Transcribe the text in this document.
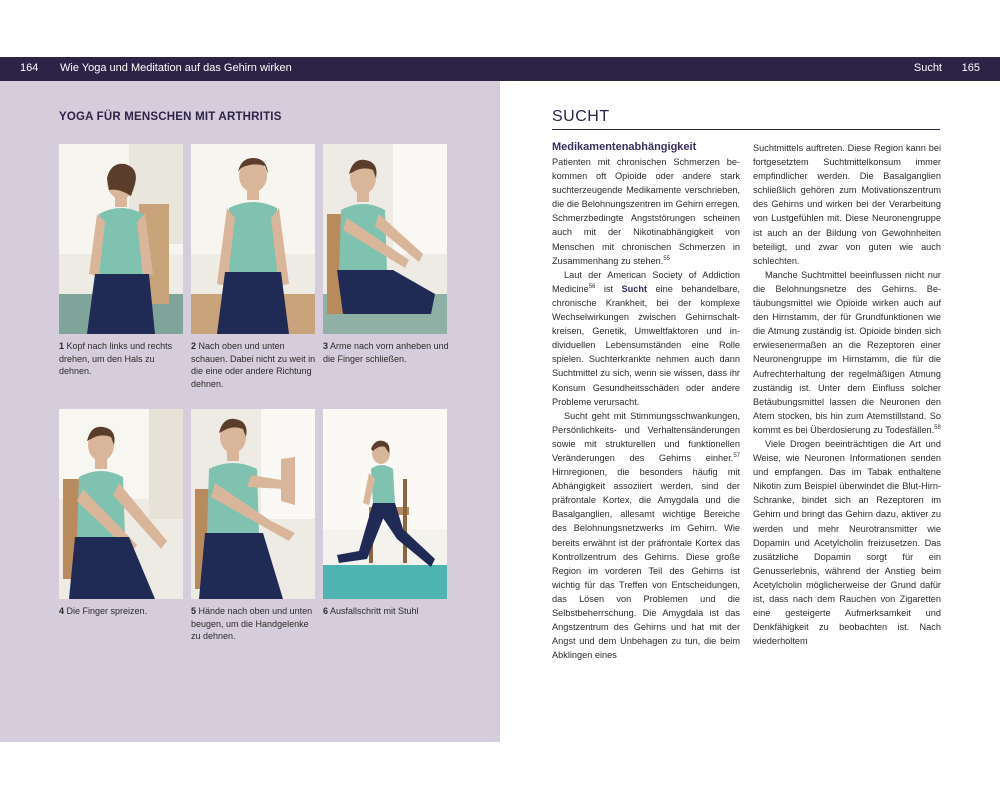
164 Wie Yoga und Meditation auf das Gehirn wirken	Sucht 165
YOGA FÜR MENSCHEN MIT ARTHRITIS
1 Kopf nach links und rechts drehen, um den Hals zu dehnen.
2 Nach oben und unten schauen. Dabei nicht zu weit in die eine oder andere Richtung dehnen.
3 Arme nach vorn anheben und die Finger schließen.
4 Die Finger spreizen.	5 Hände nach oben und unten beugen, um die Handgelenke zu dehnen.
6 Ausfallschritt mit Stuhl
SUCHT
Medikamentenabhängigkeit

Patienten mit chronischen Schmerzen bekommen oft Opioide oder andere stark suchterzeugende Medikamente verschrieben, die die Belohnungszentren im Gehirn erregen. Schmerzbedingte Angststörungen scheinen auch mit der Nikotinabhängigkeit von Menschen mit chronischen Schmerzen in Zusammenhang zu stehen.$^{55}$

Laut der American Society of Addiction Medicine$^{56}$ ist Sucht eine behandelbare, chronische Krankheit, bei der komplexe Wechselwirkungen zwischen Gehirnschaltkreisen, Genetik, Umweltfaktoren und individuellen Lebensumständen eine Rolle spielen. Suchterkrankte nehmen auch dann Suchtmittel zu sich, wenn sie wissen, dass ihr Konsum Gesundheitsschäden oder andere Probleme verursacht.

Sucht geht mit Stimmungsschwankungen, Persönlichkeits- und Verhaltensänderungen sowie mit strukturellen und funktionellen Veränderungen des Gehirns einher.$^{57}$ Hirnregionen, die besonders häufig mit Abhängigkeit assoziiert werden, sind der präfrontale Kortex, die Amygdala und die Basalganglien, allesamt wichtige Bereiche des Belohnungsnetzwerks im Gehirn. Wie bereits erwähnt ist der präfrontale Kortex das Kontrollzentrum des Gehirns. Diese große Region im vorderen Teil des Gehirns ist wichtig für das Treffen von Entscheidungen, das Lösen von Problemen und die Selbstbeherrschung. Die Amygdala ist das Angstzentrum des Gehirns und hat mit der Angst und dem Unbehagen zu tun, die beim Abklingen eines

Suchtmittels auftreten. Diese Region kann bei fortgesetztem Suchtmittelkonsum immer empfindlicher werden. Die Basalganglien schließlich gehören zum Motivationszentrum des Gehirns und wirken bei der Verarbeitung von Lustgefühlen mit. Diese Neuronengruppe ist auch an der Bildung von Gewohnheiten beteiligt, und zwar von guten wie auch schlechten.

Manche Suchtmittel beeinflussen nicht nur die Belohnungsnetze des Gehirns. Betäubungsmittel wie Opioide wirken auch auf den Hirnstamm, der für Grundfunktionen wie die Atmung zuständig ist. Opioide binden sich erwiesenermaßen an die Rezeptoren einer Neuronengruppe im Hirnstamm, die für die Aufrechterhaltung der regelmäßigen Atmung zuständig ist. Unter dem Einfluss solcher Betäubungsmittel lassen die Neuronen den Atem stocken, bis hin zum Atemstillstand. So kommt es bei Überdosierung zu Todesfällen.$^{58}$

Viele Drogen beeinträchtigen die Art und Weise, wie Neuronen Informationen senden und empfangen. Das im Tabak enthaltene Nikotin zum Beispiel überwindet die Blut-Hirn-Schranke, bindet sich an Rezeptoren im Gehirn und bringt das Gehirn dazu, aktiver zu werden und mehr Neurotransmitter wie Dopamin und Acetylcholin freizusetzen. Das zusätzliche Dopamin sorgt für ein Genusserlebnis, während der Anstieg beim Acetylcholin möglicherweise der Grund dafür ist, dass nach dem Rauchen von Zigaretten eine gesteigerte Aufmerksamkeit und Denkfähigkeit zu beobachten ist. Nach wiederholtem
